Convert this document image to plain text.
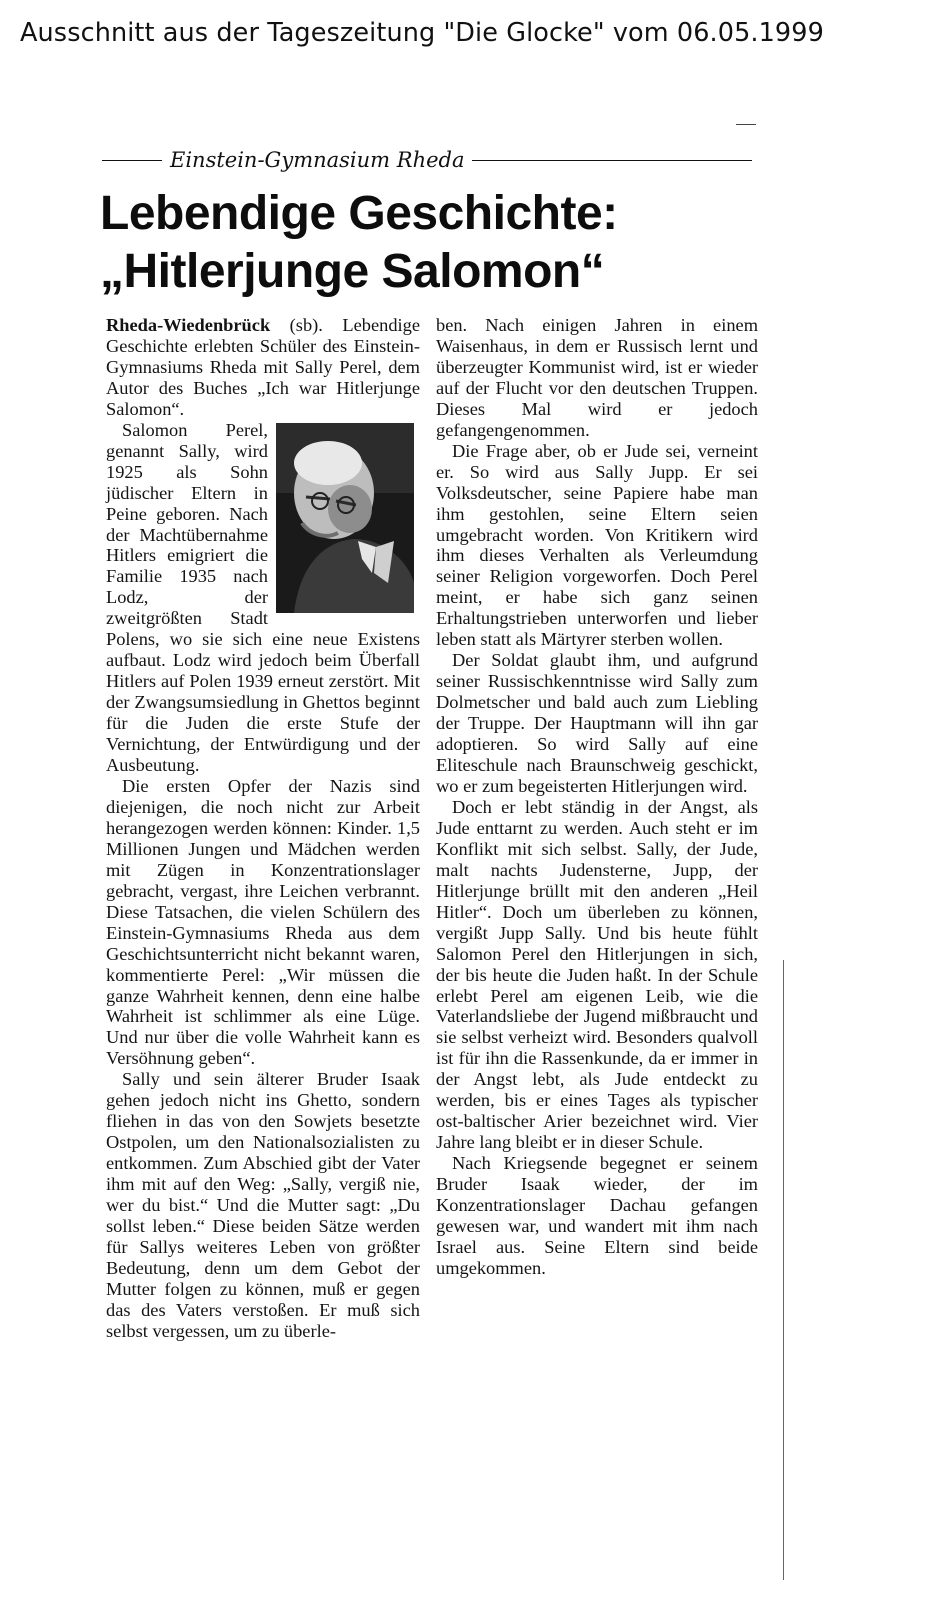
Ausschnitt aus der Tageszeitung "Die Glocke" vom 06.05.1999
Einstein-Gymnasium Rheda
Lebendige Geschichte:
„Hitlerjunge Salomon“

Rheda-Wiedenbrück (sb). Lebendige Geschichte erlebten Schüler des Einstein-Gymnasiums Rheda mit Sally Perel, dem Autor des Buches „Ich war Hitlerjunge Salomon“.

Salomon Perel, genannt Sally, wird 1925 als Sohn jüdischer Eltern in Peine geboren. Nach der Machtübernahme Hitlers emigriert die Familie 1935 nach Lodz, der zweitgrößten Stadt Polens, wo sie sich eine neue Existens aufbaut. Lodz wird jedoch beim Überfall Hitlers auf Polen 1939 erneut zerstört. Mit der Zwangsumsiedlung in Ghettos beginnt für die Juden die erste Stufe der Vernichtung, der Entwürdigung und der Ausbeutung.

Die ersten Opfer der Nazis sind diejenigen, die noch nicht zur Arbeit herangezogen werden können: Kinder. 1,5 Millionen Jungen und Mädchen werden mit Zügen in Konzentrationslager gebracht, vergast, ihre Leichen verbrannt. Diese Tatsachen, die vielen Schülern des Einstein-Gymnasiums Rheda aus dem Geschichtsunterricht nicht bekannt waren, kommentierte Perel: „Wir müssen die ganze Wahrheit kennen, denn eine halbe Wahrheit ist schlimmer als eine Lüge. Und nur über die volle Wahrheit kann es Versöhnung geben“.

Sally und sein älterer Bruder Isaak gehen jedoch nicht ins Ghetto, sondern fliehen in das von den Sowjets besetzte Ostpolen, um den Nationalsozialisten zu entkommen. Zum Abschied gibt der Vater ihm mit auf den Weg: „Sally, vergiß nie, wer du bist.“ Und die Mutter sagt: „Du sollst leben.“ Diese beiden Sätze werden für Sallys weiteres Leben von größter Bedeutung, denn um dem Gebot der Mutter folgen zu können, muß er gegen das des Vaters verstoßen. Er muß sich selbst vergessen, um zu überle-

ben. Nach einigen Jahren in einem Waisenhaus, in dem er Russisch lernt und überzeugter Kommunist wird, ist er wieder auf der Flucht vor den deutschen Truppen. Dieses Mal wird er jedoch gefangengenommen.

Die Frage aber, ob er Jude sei, verneint er. So wird aus Sally Jupp. Er sei Volksdeutscher, seine Papiere habe man ihm gestohlen, seine Eltern seien umgebracht worden. Von Kritikern wird ihm dieses Verhalten als Verleumdung seiner Religion vorgeworfen. Doch Perel meint, er habe sich ganz seinen Erhaltungstrieben unterworfen und lieber leben statt als Märtyrer sterben wollen.

Der Soldat glaubt ihm, und aufgrund seiner Russischkenntnisse wird Sally zum Dolmetscher und bald auch zum Liebling der Truppe. Der Hauptmann will ihn gar adoptieren. So wird Sally auf eine Eliteschule nach Braunschweig geschickt, wo er zum begeisterten Hitlerjungen wird.

Doch er lebt ständig in der Angst, als Jude enttarnt zu werden. Auch steht er im Konflikt mit sich selbst. Sally, der Jude, malt nachts Judensterne, Jupp, der Hitlerjunge brüllt mit den anderen „Heil Hitler“. Doch um überleben zu können, vergißt Jupp Sally. Und bis heute fühlt Salomon Perel den Hitlerjungen in sich, der bis heute die Juden haßt. In der Schule erlebt Perel am eigenen Leib, wie die Vaterlandsliebe der Jugend mißbraucht und sie selbst verheizt wird. Besonders qualvoll ist für ihn die Rassenkunde, da er immer in der Angst lebt, als Jude entdeckt zu werden, bis er eines Tages als typischer ost-baltischer Arier bezeichnet wird. Vier Jahre lang bleibt er in dieser Schule.

Nach Kriegsende begegnet er seinem Bruder Isaak wieder, der im Konzentrationslager Dachau gefangen gewesen war, und wandert mit ihm nach Israel aus. Seine Eltern sind beide umgekommen.
